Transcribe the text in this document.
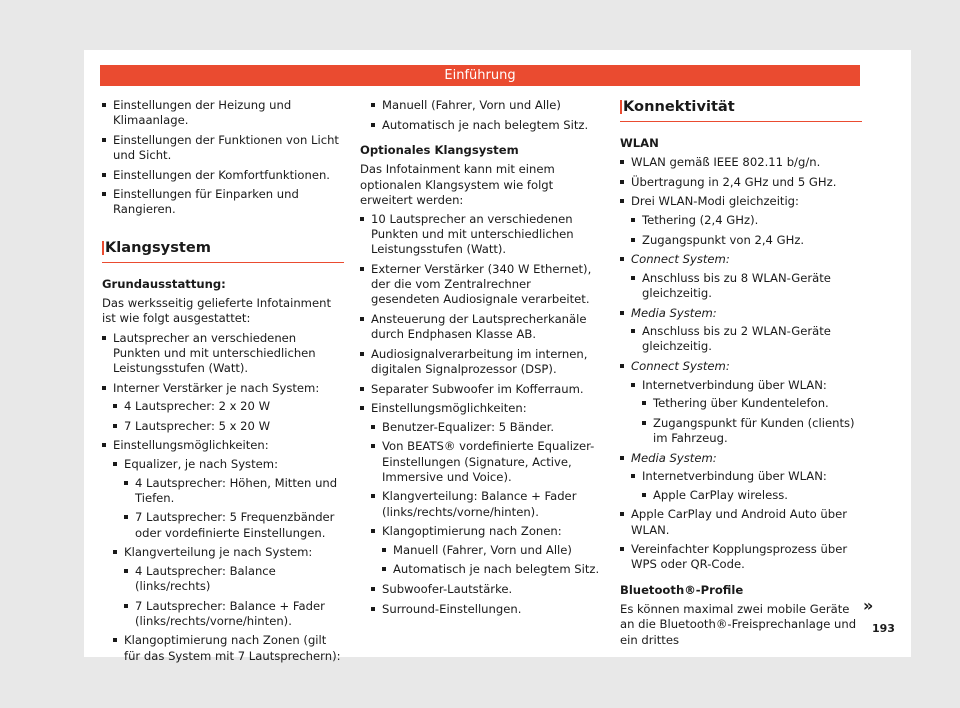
Einführung
Einstellungen der Heizung und Klimaanlage.
Einstellungen der Funktionen von Licht und Sicht.
Einstellungen der Komfortfunktionen.
Einstellungen für Einparken und Rangieren.
Klangsystem
Grundausstattung:

Das werksseitig gelieferte Infotainment ist wie folgt ausgestattet:

Lautsprecher an verschiedenen Punkten und mit unterschiedlichen Leistungsstufen (Watt).
Interner Verstärker je nach System:
4 Lautsprecher: 2 x 20 W
7 Lautsprecher: 5 x 20 W
Einstellungsmöglichkeiten:
Equalizer, je nach System:
4 Lautsprecher: Höhen, Mitten und Tiefen.
7 Lautsprecher: 5 Frequenzbänder oder vordefinierte Einstellungen.
Klangverteilung je nach System:
4 Lautsprecher: Balance (links/rechts)
7 Lautsprecher: Balance + Fader (links/rechts/vorne/hinten).
Klangoptimierung nach Zonen (gilt für das System mit 7 Lautsprechern):
Manuell (Fahrer, Vorn und Alle)
Automatisch je nach belegtem Sitz.
Optionales Klangsystem

Das Infotainment kann mit einem optionalen Klangsystem wie folgt erweitert werden:

10 Lautsprecher an verschiedenen Punkten und mit unterschiedlichen Leistungsstufen (Watt).
Externer Verstärker (340 W Ethernet), der die vom Zentralrechner gesendeten Audiosignale verarbeitet.
Ansteuerung der Lautsprecherkanäle durch Endphasen Klasse AB.
Audiosignalverarbeitung im internen, digitalen Signalprozessor (DSP).
Separater Subwoofer im Kofferraum.
Einstellungsmöglichkeiten:
Benutzer-Equalizer: 5 Bänder.
Von BEATS® vordefinierte Equalizer-Einstellungen (Signature, Active, Immersive und Voice).
Klangverteilung: Balance + Fader (links/rechts/vorne/hinten).
Klangoptimierung nach Zonen:
Manuell (Fahrer, Vorn und Alle)
Automatisch je nach belegtem Sitz.
Subwoofer-Lautstärke.
Surround-Einstellungen.
Konnektivität
WLAN
WLAN gemäß IEEE 802.11 b/g/n.
Übertragung in 2,4 GHz und 5 GHz.
Drei WLAN-Modi gleichzeitig:
Tethering (2,4 GHz).
Zugangspunkt von 2,4 GHz.
Connect System:
Anschluss bis zu 8 WLAN-Geräte gleichzeitig.
Media System:
Anschluss bis zu 2 WLAN-Geräte gleichzeitig.
Connect System:
Internetverbindung über WLAN:
Tethering über Kundentelefon.
Zugangspunkt für Kunden (clients) im Fahrzeug.
Media System:
Internetverbindung über WLAN:
Apple CarPlay wireless.
Apple CarPlay und Android Auto über WLAN.
Vereinfachter Kopplungsprozess über WPS oder QR-Code.
Bluetooth®-Profile

Es können maximal zwei mobile Geräte an die Bluetooth®-Freisprechanlage und ein drittes

»
193
